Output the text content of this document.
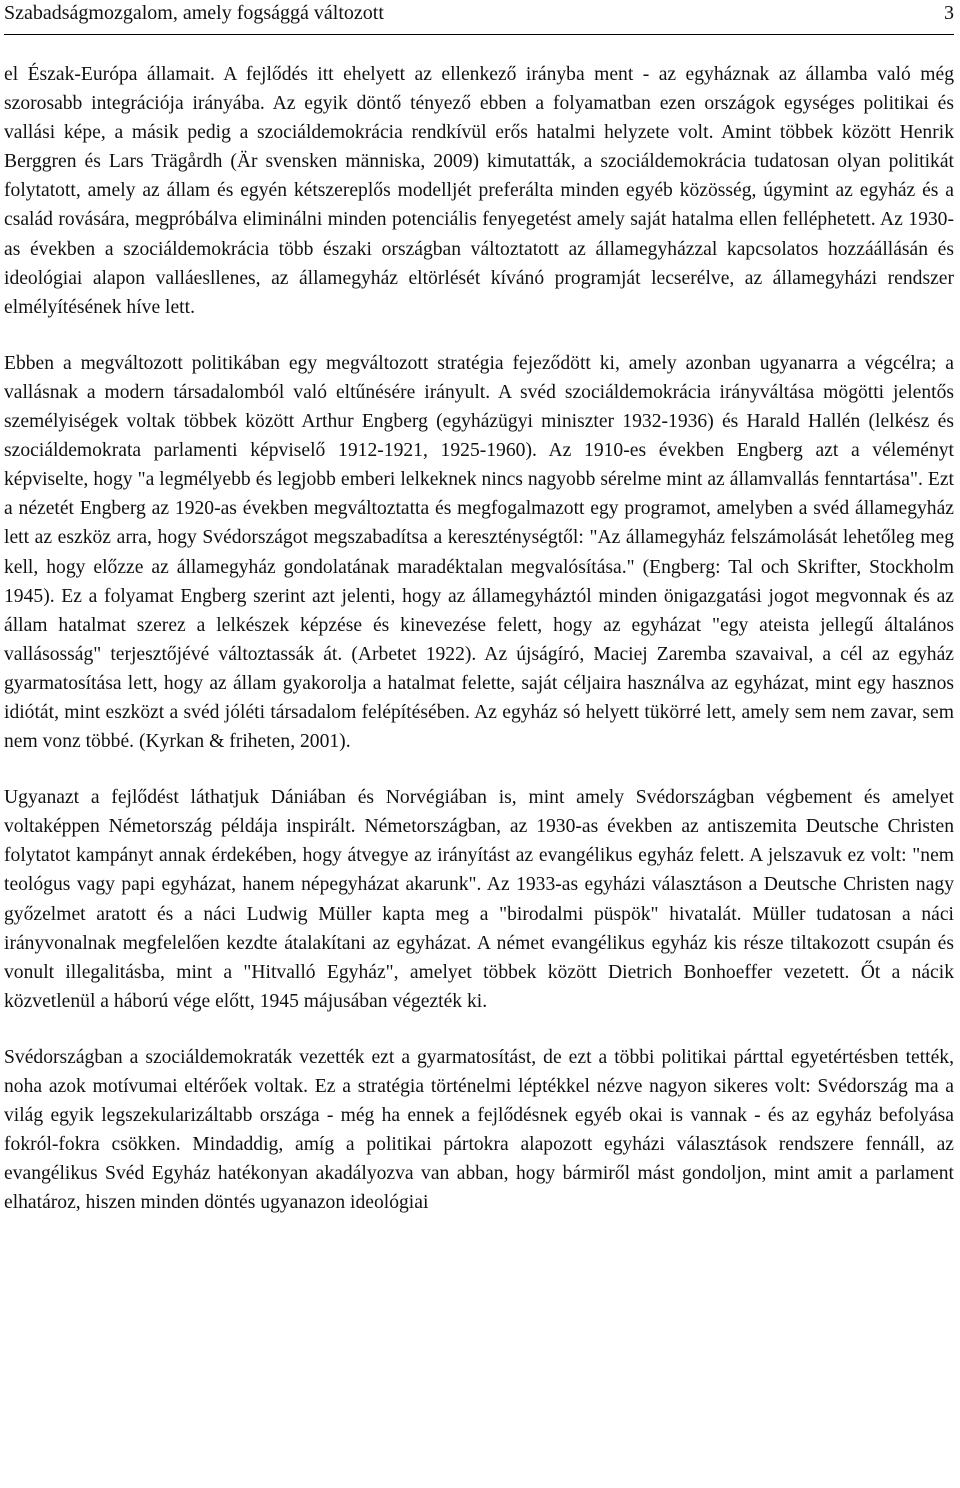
Szabadságmozgalom, amely fogsággá változott	3

el Észak-Európa államait. A fejlődés itt ehelyett az ellenkező irányba ment - az egyháznak az államba való még szorosabb integrációja irányába. Az egyik döntő tényező ebben a folyamatban ezen országok egységes politikai és vallási képe, a másik pedig a szociáldemokrácia rendkívül erős hatalmi helyzete volt. Amint többek között Henrik Berggren és Lars Trägårdh (Är svensken människa, 2009) kimutatták, a szociáldemokrácia tudatosan olyan politikát folytatott, amely az állam és egyén kétszereplős modelljét preferálta minden egyéb közösség, úgymint az egyház és a család rovására, megpróbálva eliminálni minden potenciális fenyegetést amely saját hatalma ellen felléphetett. Az 1930-as években a szociáldemokrácia több északi országban változtatott az államegyházzal kapcsolatos hozzáállásán és ideológiai alapon valláesllenes, az államegyház eltörlését kívánó programját lecserélve, az államegyházi rendszer elmélyítésének híve lett.

Ebben a megváltozott politikában egy megváltozott stratégia fejeződött ki, amely azonban ugyanarra a végcélra; a vallásnak a modern társadalomból való eltűnésére irányult. A svéd szociáldemokrácia irányváltása mögötti jelentős személyiségek voltak többek között Arthur Engberg (egyházügyi miniszter 1932-1936) és Harald Hallén (lelkész és szociáldemokrata parlamenti képviselő 1912-1921, 1925-1960). Az 1910-es években Engberg azt a véleményt képviselte, hogy "a legmélyebb és legjobb emberi lelkeknek nincs nagyobb sérelme mint az államvallás fenntartása". Ezt a nézetét Engberg az 1920-as években megváltoztatta és megfogalmazott egy programot, amelyben a svéd államegyház lett az eszköz arra, hogy Svédországot megszabadítsa a kereszténységtől: "Az államegyház felszámolását lehetőleg meg kell, hogy előzze az államegyház gondolatának maradéktalan megvalósítása." (Engberg: Tal och Skrifter, Stockholm 1945). Ez a folyamat Engberg szerint azt jelenti, hogy az államegyháztól minden önigazgatási jogot megvonnak és az állam hatalmat szerez a lelkészek képzése és kinevezése felett, hogy az egyházat "egy ateista jellegű általános vallásosság" terjesztőjévé változtassák át. (Arbetet 1922). Az újságíró, Maciej Zaremba szavaival, a cél az egyház gyarmatosítása lett, hogy az állam gyakorolja a hatalmat felette, saját céljaira használva az egyházat, mint egy hasznos idiótát, mint eszközt a svéd jóléti társadalom felépítésében. Az egyház só helyett tükörré lett, amely sem nem zavar, sem nem vonz többé. (Kyrkan & friheten, 2001).

Ugyanazt a fejlődést láthatjuk Dániában és Norvégiában is, mint amely Svédországban végbement és amelyet voltaképpen Németország példája inspirált. Németországban, az 1930-as években az antiszemita Deutsche Christen folytatot kampányt annak érdekében, hogy átvegye az irányítást az evangélikus egyház felett. A jelszavuk ez volt: "nem teológus vagy papi egyházat, hanem népegyházat akarunk". Az 1933-as egyházi választáson a Deutsche Christen nagy győzelmet aratott és a náci Ludwig Müller kapta meg a "birodalmi püspök" hivatalát. Müller tudatosan a náci irányvonalnak megfelelően kezdte átalakítani az egyházat. A német evangélikus egyház kis része tiltakozott csupán és vonult illegalitásba, mint a "Hitvalló Egyház", amelyet többek között Dietrich Bonhoeffer vezetett. Őt a nácik közvetlenül a háború vége előtt, 1945 májusában végezték ki.

Svédországban a szociáldemokraták vezették ezt a gyarmatosítást, de ezt a többi politikai párttal egyetértésben tették, noha azok motívumai eltérőek voltak. Ez a stratégia történelmi léptékkel nézve nagyon sikeres volt: Svédország ma a világ egyik legszekularizáltabb országa - még ha ennek a fejlődésnek egyéb okai is vannak - és az egyház befolyása fokról-fokra csökken. Mindaddig, amíg a politikai pártokra alapozott egyházi választások rendszere fennáll, az evangélikus Svéd Egyház hatékonyan akadályozva van abban, hogy bármiről mást gondoljon, mint amit a parlament elhatároz, hiszen minden döntés ugyanazon ideológiai
